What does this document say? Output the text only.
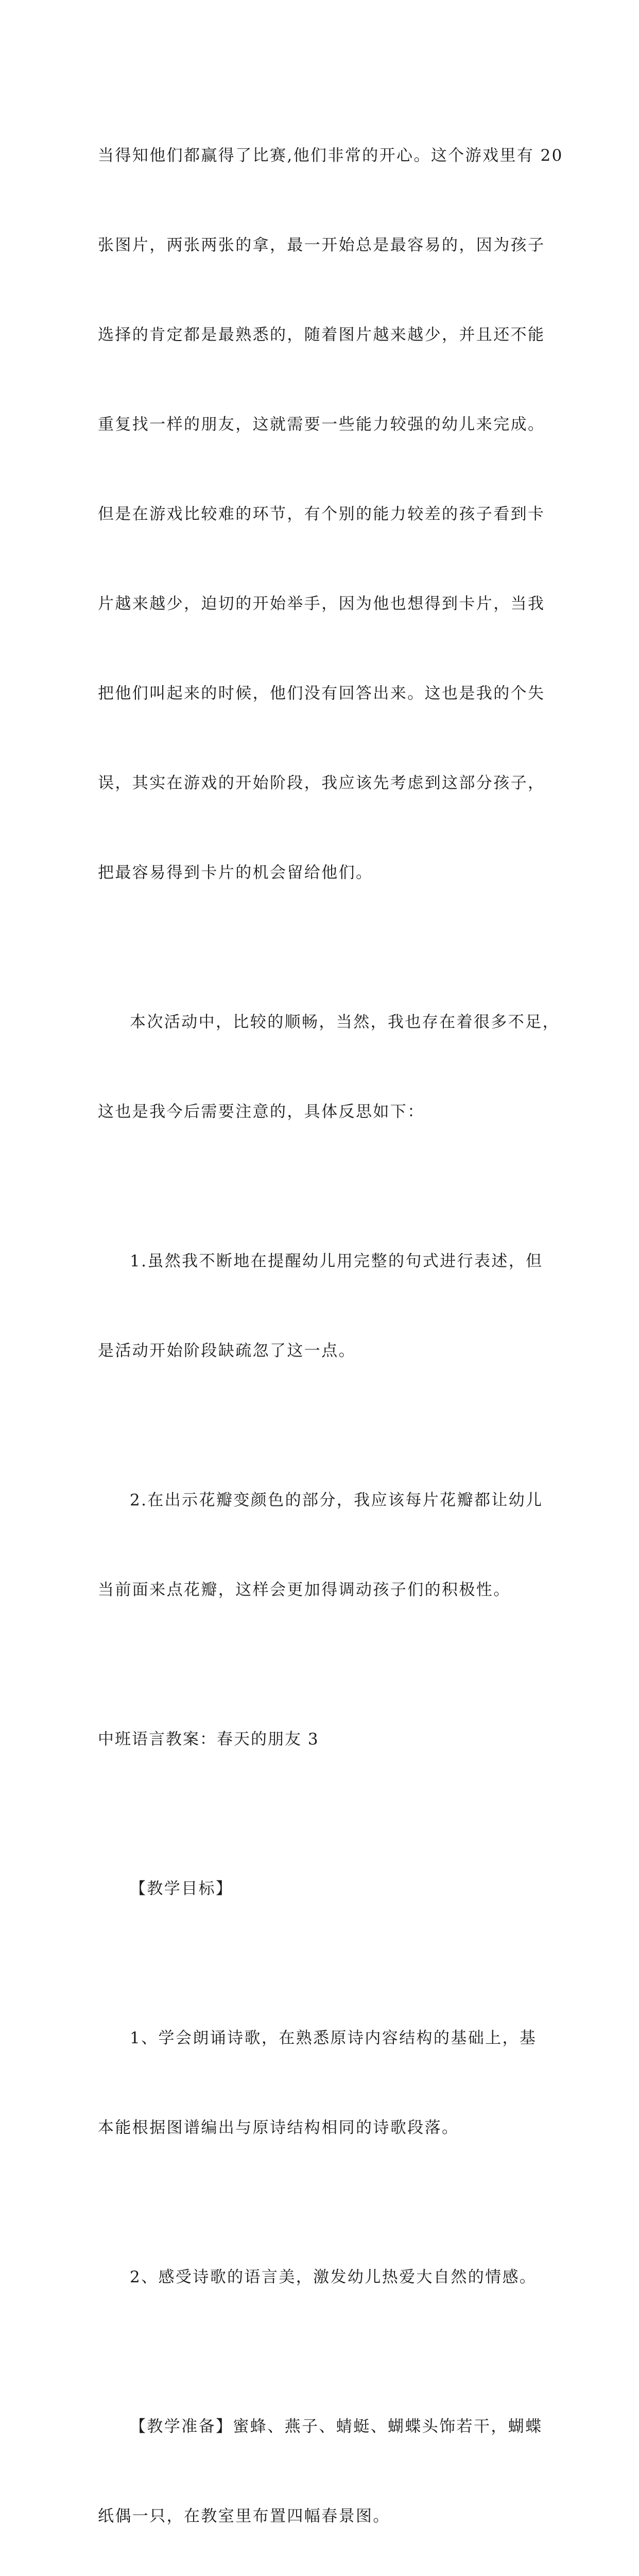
当得知他们都赢得了比赛,他们非常的开心。这个游戏里有 20

张图片，两张两张的拿，最一开始总是最容易的，因为孩子

选择的肯定都是最熟悉的，随着图片越来越少，并且还不能

重复找一样的朋友，这就需要一些能力较强的幼儿来完成。

但是在游戏比较难的环节，有个别的能力较差的孩子看到卡

片越来越少，迫切的开始举手，因为他也想得到卡片，当我

把他们叫起来的时候，他们没有回答出来。这也是我的个失

误，其实在游戏的开始阶段，我应该先考虑到这部分孩子，

把最容易得到卡片的机会留给他们。

本次活动中，比较的顺畅，当然，我也存在着很多不足，

这也是我今后需要注意的，具体反思如下：

1.虽然我不断地在提醒幼儿用完整的句式进行表述，但

是活动开始阶段缺疏忽了这一点。

2.在出示花瓣变颜色的部分，我应该每片花瓣都让幼儿

当前面来点花瓣，这样会更加得调动孩子们的积极性。

中班语言教案：春天的朋友 3

【教学目标】

1、学会朗诵诗歌，在熟悉原诗内容结构的基础上，基

本能根据图谱编出与原诗结构相同的诗歌段落。

2、感受诗歌的语言美，激发幼儿热爱大自然的情感。

【教学准备】蜜蜂、燕子、蜻蜓、蝴蝶头饰若干，蝴蝶

纸偶一只，在教室里布置四幅春景图。
